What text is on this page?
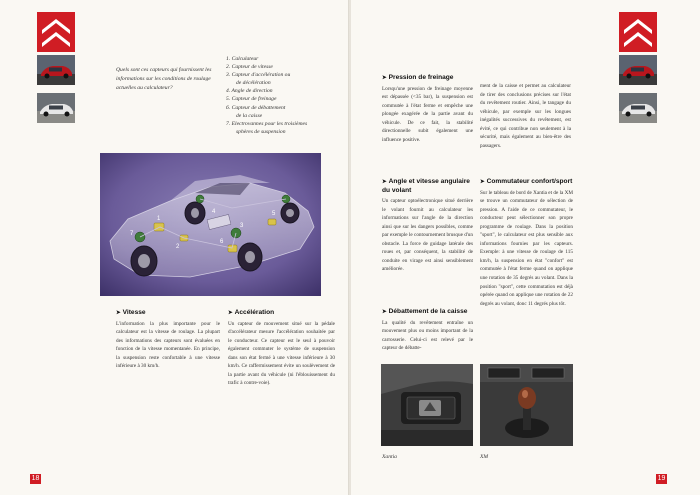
Quels sont ces capteurs qui fournissent les informations sur les conditions de roulage actuelles au calculateur?
1. Calculateur
2. Capteur de vitesse
3. Capteur d'accélération ou
de décélération
4. Angle de direction
5. Capteur de freinage
6. Capteur de débattement
de la caisse
7. Electrovannes pour les troisièmes
sphères de suspension
1
7
2
4
3
5
6
➤ Vitesse

L'information la plus importante pour le calculateur est la vitesse de roulage. La plupart des informations des capteurs sont évaluées en fonction de la vitesse momentanée. En principe, la suspension reste confortable à une vitesse inférieure à 30 km/h.

➤ Accélération

Un capteur de mouvement situé sur la pédale d'accélérateur mesure l'accélération souhaitée par le conducteur. Ce capteur est le seul à pouvoir également commuter le système de suspension dans son état fermé à une vitesse inférieure à 30 km/h. Ce raffermissement évite un soulèvement de la partie avant du véhicule (ni l'éblouissement du trafic à contre-voie).

18
➤ Pression de freinage

Lorsqu'une pression de freinage moyenne est dépassée (<35 bar), la suspension est commutée à l'état ferme et empêche une plongée exagérée de la partie avant du véhicule. De ce fait, la stabilité directionnelle subit également une influence positive.

➤ Angle et vitesse angulaire du volant

Un capteur optoélectronique situé derrière le volant fournit au calculateur les informations sur l'angle de la direction ainsi que sur les dangers possibles, comme par exemple le contournement brusque d'un obstacle. La force de guidage latérale des roues et, par conséquent, la stabilité de conduite en virage est ainsi sensiblement améliorée.

➤ Débattement de la caisse

La qualité du revêtement entraîne un mouvement plus ou moins important de la carrosserie. Celui-ci est relevé par le capteur de débatte-

ment de la caisse et permet au calculateur de tirer des conclusions précises sur l'état du revêtement routier. Ainsi, le tangage du véhicule, par exemple sur les longues inégalités successives du revêtement, est évité, ce qui contribue non seulement à la sécurité, mais également au bien-être des passagers.

➤ Commutateur confort/sport

Sur le tableau de bord de Xantia et de la XM se trouve un commutateur de sélection de pression. A l'aide de ce commutateur, le conducteur peut sélectionner son propre programme de roulage. Dans la position "sport", le calculateur est plus sensible aux informations fournies par les capteurs. Exemple: à une vitesse de roulage de 115 km/h, la suspension en état "confort" est commutée à l'état ferme quand on applique une rotation de 35 degrés au volant. Dans la position "sport", cette commutation est déjà opérée quand on applique une rotation de 22 degrés au volant, donc 11 degrés plus tôt.

Xantia	XM
19
